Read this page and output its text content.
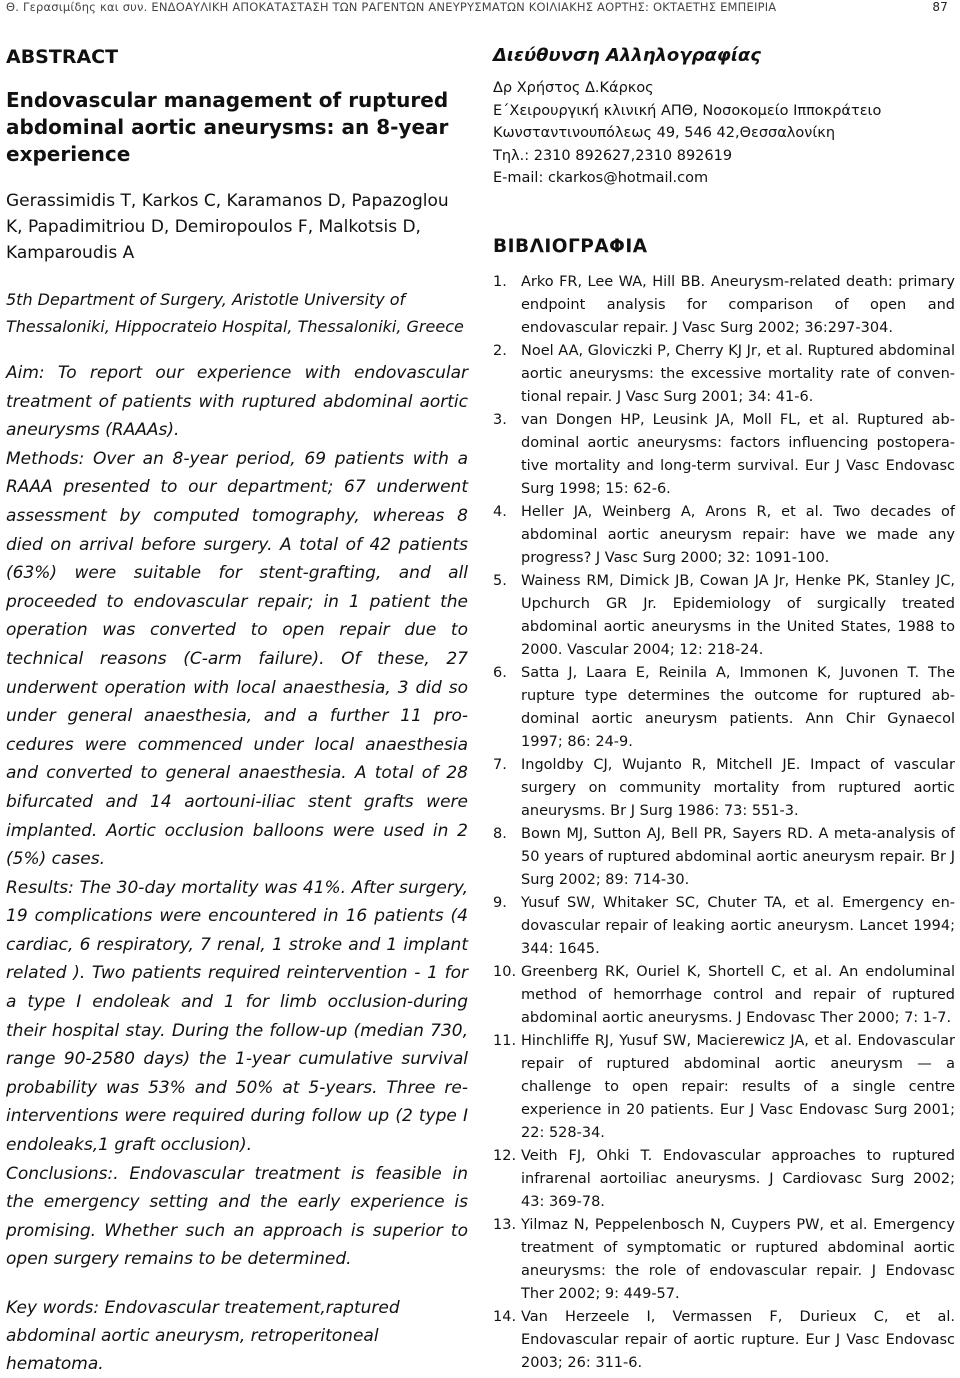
Θ. Γερασιμίδης και συν. ΕΝΔΟΑΥΛΙΚΗ ΑΠΟΚΑΤΑΣΤΑΣΗ ΤΩΝ ΡΑΓΕΝΤΩΝ ΑΝΕΥΡΥΣΜΑΤΩΝ ΚΟΙΛΙΑΚΗΣ ΑΟΡΤΗΣ: ΟΚΤΑΕΤΗΣ ΕΜΠΕΙΡΙΑ	87
ABSTRACT
Endovascular management of ruptured abdominal aortic aneurysms: an 8-year experience
Gerassimidis T, Karkos C, Karamanos D, Papazoglou K, Papadimitriou D, Demiropoulos F, Malkotsis D, Kamparoudis A
5th Department of Surgery, Aristotle University of Thessaloniki, Hippocrateio Hospital, Thessaloniki, Greece

Aim: To report our experience with endovascular treatment of patients with ruptured abdominal aortic aneurysms (RAAAs).

Methods: Over an 8-year period, 69 patients with a RAAA presented to our department; 67 underwent assessment by computed tomography, whereas 8 died on arrival before surgery. A total of 42 patients (63%) were suitable for stent-grafting, and all proceeded to endovascular repair; in 1 patient the operation was converted to open repair due to technical reasons (C-arm failure). Of these, 27 underwent operation with local anaesthesia, 3 did so under general anaesthesia, and a further 11 procedures were commenced under local anaesthesia and converted to general anaesthesia. A total of 28 bifurcated and 14 aortouni-iliac stent grafts were implanted. Aortic occlusion balloons were used in 2 (5%) cases.

Results: The 30-day mortality was 41%. After surgery, 19 complications were encountered in 16 patients (4 cardiac, 6 respiratory, 7 renal, 1 stroke and 1 implant related ). Two patients required reintervention - 1 for a type I endoleak and 1 for limb occlusion-during their hospital stay. During the follow-up (median 730, range 90-2580 days) the 1-year cumulative survival probability was 53% and 50% at 5-years. Three re-interventions were required during follow up (2 type I endoleaks,1 graft occlusion).

Conclusions:. Endovascular treatment is feasible in the emergency setting and the early experience is promising. Whether such an approach is superior to open surgery remains to be determined.

Key words: Endovascular treatement,raptured abdominal aortic aneurysm, retroperitoneal hematoma.
Διεύθυνση Αλληλογραφίας
Δρ Χρήστος Δ.Κάρκος
Ε΄Χειρουργική κλινική ΑΠΘ, Νοσοκομείο Ιπποκράτειο
Κωνσταντινουπόλεως 49, 546 42,Θεσσαλονίκη
Τηλ.: 2310 892627,2310 892619
E-mail: ckarkos@hotmail.com
ΒΙΒΛΙΟΓΡΑΦΙΑ
1. Arko FR, Lee WA, Hill BB. Aneurysm-related death: primary endpoint analysis for comparison of open and endovascular repair. J Vasc Surg 2002; 36:297-304.
2. Noel AA, Gloviczki P, Cherry KJ Jr, et al. Ruptured abdominal aortic aneurysms: the excessive mortality rate of conventional repair. J Vasc Surg 2001; 34: 41-6.
3. van Dongen HP, Leusink JA, Moll FL, et al. Ruptured abdominal aortic aneurysms: factors influencing postoperative mortality and long-term survival. Eur J Vasc Endovasc Surg 1998; 15: 62-6.
4. Heller JA, Weinberg A, Arons R, et al. Two decades of abdominal aortic aneurysm repair: have we made any progress? J Vasc Surg 2000; 32: 1091-100.
5. Wainess RM, Dimick JB, Cowan JA Jr, Henke PK, Stanley JC, Upchurch GR Jr. Epidemiology of surgically treated abdominal aortic aneurysms in the United States, 1988 to 2000. Vascular 2004; 12: 218-24.
6. Satta J, Laara E, Reinila A, Immonen K, Juvonen T. The rupture type determines the outcome for ruptured abdominal aortic aneurysm patients. Ann Chir Gynaecol 1997; 86: 24-9.
7. Ingoldby CJ, Wujanto R, Mitchell JE. Impact of vascular surgery on community mortality from ruptured aortic aneurysms. Br J Surg 1986: 73: 551-3.
8. Bown MJ, Sutton AJ, Bell PR, Sayers RD. A meta-analysis of 50 years of ruptured abdominal aortic aneurysm repair. Br J Surg 2002; 89: 714-30.
9. Yusuf SW, Whitaker SC, Chuter TA, et al. Emergency endovascular repair of leaking aortic aneurysm. Lancet 1994; 344: 1645.
10. Greenberg RK, Ouriel K, Shortell C, et al. An endoluminal method of hemorrhage control and repair of ruptured abdominal aortic aneurysms. J Endovasc Ther 2000; 7: 1-7.
11. Hinchliffe RJ, Yusuf SW, Macierewicz JA, et al. Endovascular repair of ruptured abdominal aortic aneurysm — a challenge to open repair: results of a single centre experience in 20 patients. Eur J Vasc Endovasc Surg 2001; 22: 528-34.
12. Veith FJ, Ohki T. Endovascular approaches to ruptured infrarenal aortoiliac aneurysms. J Cardiovasc Surg 2002; 43: 369-78.
13. Yilmaz N, Peppelenbosch N, Cuypers PW, et al. Emergency treatment of symptomatic or ruptured abdominal aortic aneurysms: the role of endovascular repair. J Endovasc Ther 2002; 9: 449-57.
14. Van Herzeele I, Vermassen F, Durieux C, et al. Endovascular repair of aortic rupture. Eur J Vasc Endovasc 2003; 26: 311-6.
